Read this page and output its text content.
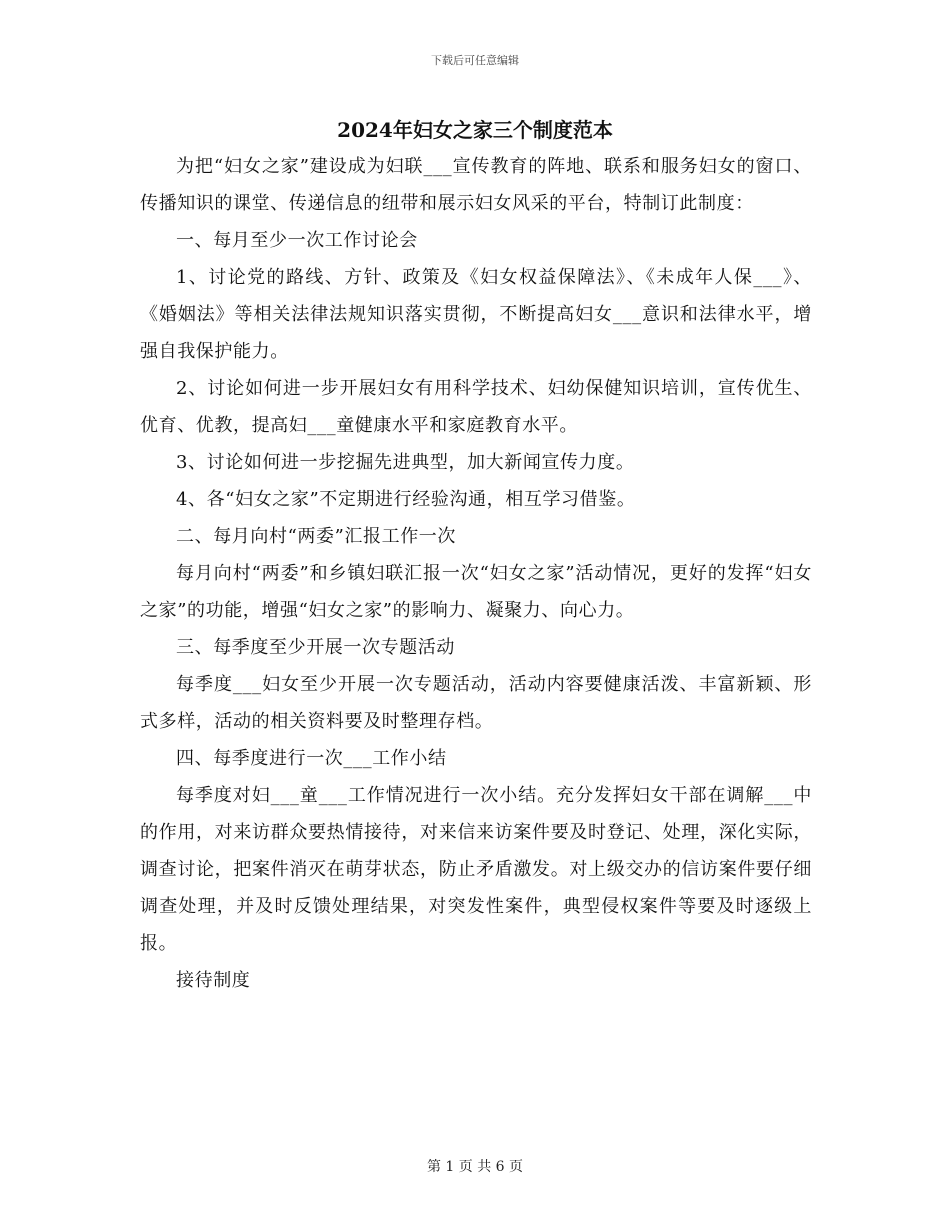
下载后可任意编辑
2024年妇女之家三个制度范本

为把“妇女之家”建设成为妇联___宣传教育的阵地、联系和服务妇女的窗口、传播知识的课堂、传递信息的纽带和展示妇女风采的平台，特制订此制度：

一、每月至少一次工作讨论会

1、讨论党的路线、方针、政策及《妇女权益保障法》、《未成年人保___》、《婚姻法》等相关法律法规知识落实贯彻，不断提高妇女___意识和法律水平，增强自我保护能力。

2、讨论如何进一步开展妇女有用科学技术、妇幼保健知识培训，宣传优生、优育、优教，提高妇___童健康水平和家庭教育水平。

3、讨论如何进一步挖掘先进典型，加大新闻宣传力度。

4、各“妇女之家”不定期进行经验沟通，相互学习借鉴。

二、每月向村“两委”汇报工作一次

每月向村“两委”和乡镇妇联汇报一次“妇女之家”活动情况，更好的发挥“妇女之家”的功能，增强“妇女之家”的影响力、凝聚力、向心力。

三、每季度至少开展一次专题活动

每季度___妇女至少开展一次专题活动，活动内容要健康活泼、丰富新颖、形式多样，活动的相关资料要及时整理存档。

四、每季度进行一次___工作小结

每季度对妇___童___工作情况进行一次小结。充分发挥妇女干部在调解___中的作用，对来访群众要热情接待，对来信来访案件要及时登记、处理，深化实际，调查讨论，把案件消灭在萌芽状态，防止矛盾激发。对上级交办的信访案件要仔细调查处理，并及时反馈处理结果，对突发性案件，典型侵权案件等要及时逐级上报。

接待制度

第 1 页 共 6 页
